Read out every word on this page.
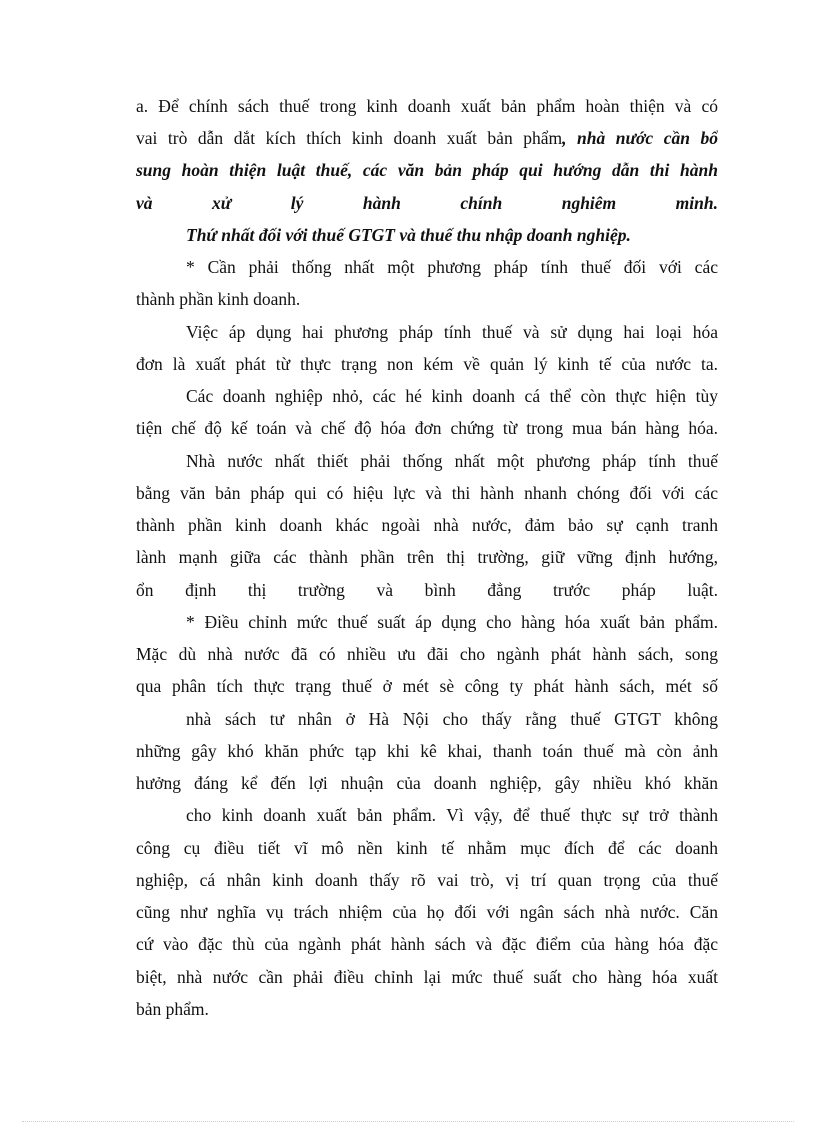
a. Để chính sách thuế trong kinh doanh xuất bản phẩm hoàn thiện và có
vai trò dẫn dắt kích thích kinh doanh xuất bản phẩm, nhà nước cần bổ
sung hoàn thiện luật thuế, các văn bản pháp qui hướng dẫn thi hành
và xử lý hành chính nghiêm minh.
Thứ nhất đối với thuế GTGT và thuế thu nhập doanh nghiệp.
* Cần phải thống nhất một phương pháp tính thuế đối với các
thành phần kinh doanh.
Việc áp dụng hai phương pháp tính thuế và sử dụng hai loại hóa
đơn là xuất phát từ thực trạng non kém về quản lý kinh tế của nước ta.
Các doanh nghiệp nhỏ, các hé kinh doanh cá thể còn thực hiện tùy
tiện chế độ kế toán và chế độ hóa đơn chứng từ trong mua bán hàng hóa.
Nhà nước nhất thiết phải thống nhất một phương pháp tính thuế
bằng văn bản pháp qui có hiệu lực và thi hành nhanh chóng đối với các
thành phần kinh doanh khác ngoài nhà nước, đảm bảo sự cạnh tranh
lành mạnh giữa các thành phần trên thị trường, giữ vững định hướng,
ổn định thị trường và bình đẳng trước pháp luật.
* Điều chỉnh mức thuế suất áp dụng cho hàng hóa xuất bản phẩm.
Mặc dù nhà nước đã có nhiều ưu đãi cho ngành phát hành sách, song
qua phân tích thực trạng thuế ở mét sè công ty phát hành sách, mét số
nhà sách tư nhân ở Hà Nội cho thấy rằng thuế GTGT không
những gây khó khăn phức tạp khi kê khai, thanh toán thuế mà còn ảnh
hưởng đáng kể đến lợi nhuận của doanh nghiệp, gây nhiều khó khăn
cho kinh doanh xuất bản phẩm. Vì vậy, để thuế thực sự trở thành
công cụ điều tiết vĩ mô nền kinh tế nhằm mục đích để các doanh
nghiệp, cá nhân kinh doanh thấy rõ vai trò, vị trí quan trọng của thuế
cũng như nghĩa vụ trách nhiệm của họ đối với ngân sách nhà nước. Căn
cứ vào đặc thù của ngành phát hành sách và đặc điểm của hàng hóa đặc
biệt, nhà nước cần phải điều chỉnh lại mức thuế suất cho hàng hóa xuất
bản phẩm.
